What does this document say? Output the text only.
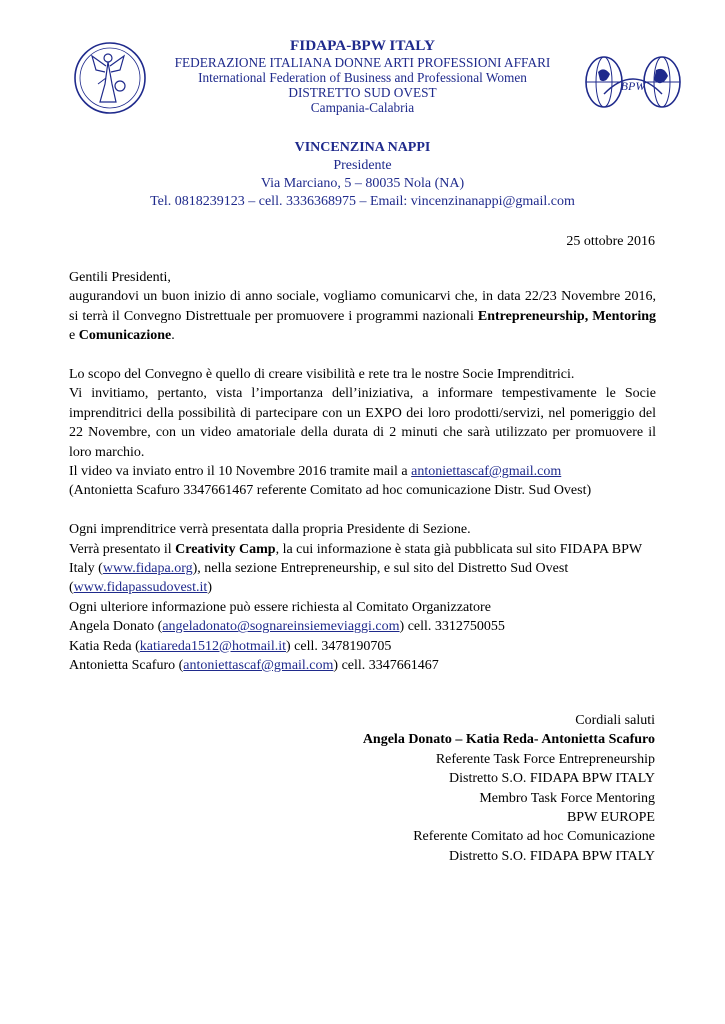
BPW
FIDAPA-BPW ITALY
FEDERAZIONE ITALIANA DONNE ARTI PROFESSIONI AFFARI
International Federation of Business and Professional Women
DISTRETTO SUD OVEST
Campania-Calabria
VINCENZINA NAPPI
Presidente
Via Marciano, 5 – 80035 Nola (NA)
Tel. 0818239123 – cell. 3336368975 – Email: vincenzinanappi@gmail.com
25 ottobre 2016

Gentili Presidenti,

augurandovi un buon inizio di anno sociale, vogliamo comunicarvi che, in data 22/23 Novembre 2016, si terrà il Convegno Distrettuale per promuovere i programmi nazionali Entrepreneurship, Mentoring e Comunicazione.

Lo scopo del Convegno è quello di creare visibilità e rete tra le nostre Socie Imprenditrici.

Vi invitiamo, pertanto, vista l’importanza dell’iniziativa, a informare tempestivamente le Socie imprenditrici della possibilità di partecipare con un EXPO dei loro prodotti/servizi, nel pomeriggio del 22 Novembre, con un video amatoriale della durata di 2 minuti che sarà utilizzato per promuovere il loro marchio.

Il video va inviato entro il 10 Novembre 2016 tramite mail a antoniettascaf@gmail.com

(Antonietta Scafuro 3347661467 referente Comitato ad hoc comunicazione Distr. Sud Ovest)

Ogni imprenditrice verrà presentata dalla propria Presidente di Sezione.

Verrà presentato il Creativity Camp, la cui informazione è stata già pubblicata sul sito FIDAPA BPW Italy (www.fidapa.org), nella sezione Entrepreneurship, e sul sito del Distretto Sud Ovest (www.fidapassudovest.it)

Ogni ulteriore informazione può essere richiesta al Comitato Organizzatore

Angela Donato (angeladonato@sognareinsiemeviaggi.com) cell. 3312750055

Katia Reda (katiareda1512@hotmail.it) cell. 3478190705

Antonietta Scafuro (antoniettascaf@gmail.com) cell. 3347661467

Cordiali saluti

Angela Donato – Katia Reda- Antonietta Scafuro

Referente Task Force Entrepreneurship

Distretto S.O. FIDAPA BPW ITALY

Membro Task Force Mentoring

BPW EUROPE

Referente Comitato ad hoc Comunicazione

Distretto S.O. FIDAPA BPW ITALY
